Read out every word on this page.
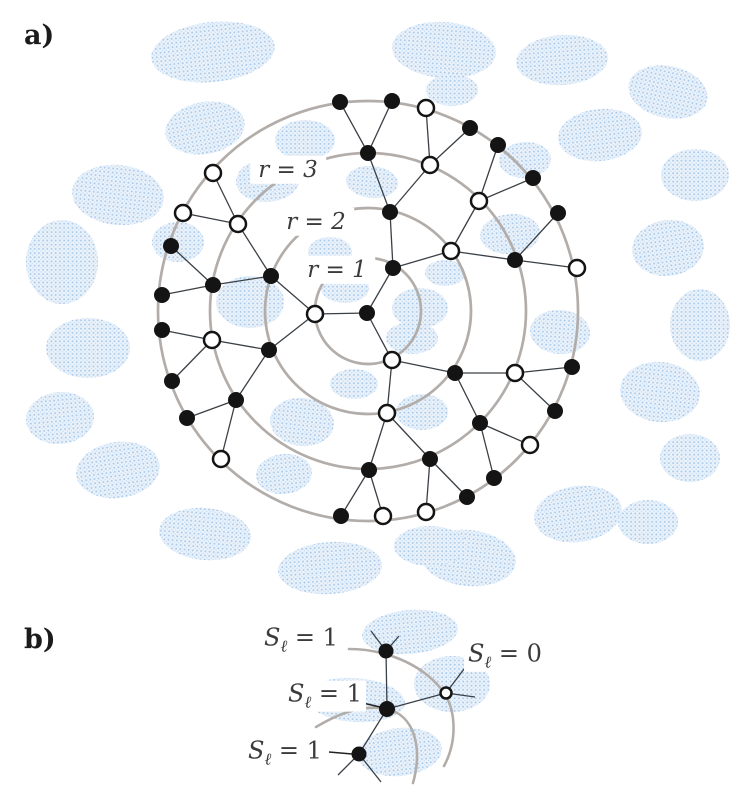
a)
b)
r = 1
r = 2
r = 3
$S_\ell = 1$
$S_\ell = 1$
$S_\ell = 1$
$S_\ell = 0$
